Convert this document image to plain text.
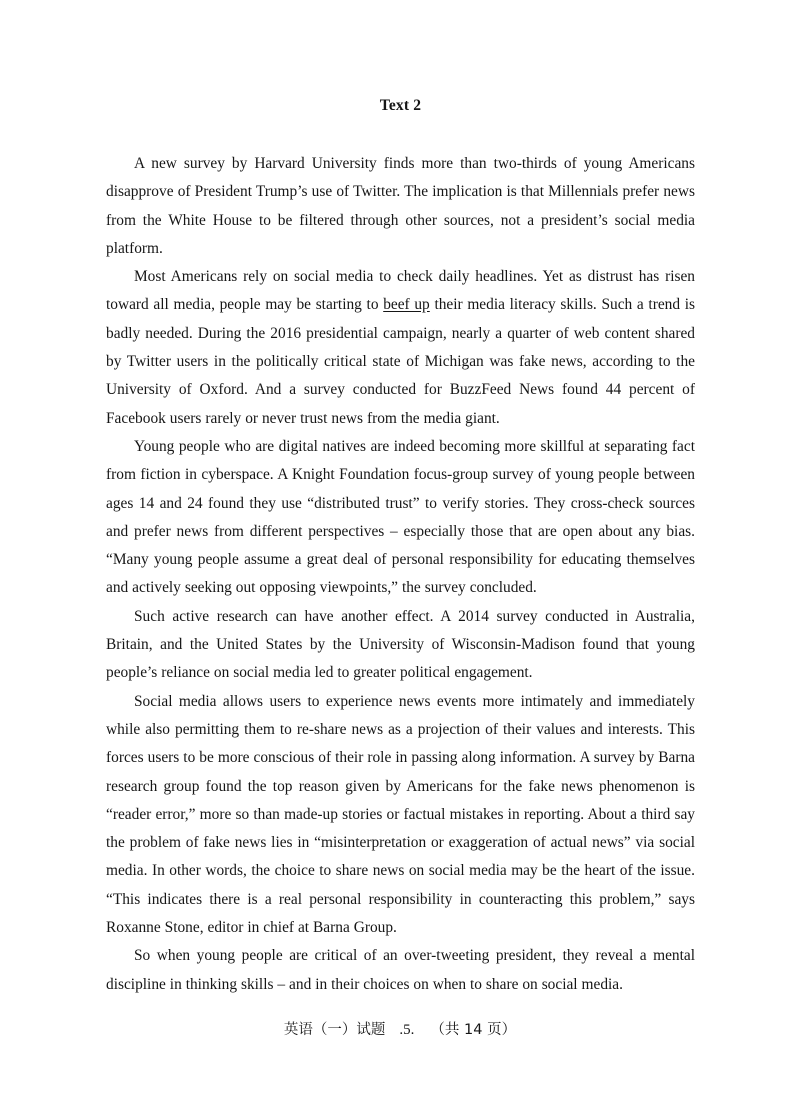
Text 2

A new survey by Harvard University finds more than two-thirds of young Americans disapprove of President Trump’s use of Twitter. The implication is that Millennials prefer news from the White House to be filtered through other sources, not a president’s social media platform.

Most Americans rely on social media to check daily headlines. Yet as distrust has risen toward all media, people may be starting to beef up their media literacy skills. Such a trend is badly needed. During the 2016 presidential campaign, nearly a quarter of web content shared by Twitter users in the politically critical state of Michigan was fake news, according to the University of Oxford. And a survey conducted for BuzzFeed News found 44 percent of Facebook users rarely or never trust news from the media giant.

Young people who are digital natives are indeed becoming more skillful at separating fact from fiction in cyberspace. A Knight Foundation focus-group survey of young people between ages 14 and 24 found they use “distributed trust” to verify stories. They cross-check sources and prefer news from different perspectives – especially those that are open about any bias. “Many young people assume a great deal of personal responsibility for educating themselves and actively seeking out opposing viewpoints,” the survey concluded.

Such active research can have another effect. A 2014 survey conducted in Australia, Britain, and the United States by the University of Wisconsin-Madison found that young people’s reliance on social media led to greater political engagement.

Social media allows users to experience news events more intimately and immediately while also permitting them to re-share news as a projection of their values and interests. This forces users to be more conscious of their role in passing along information. A survey by Barna research group found the top reason given by Americans for the fake news phenomenon is “reader error,” more so than made-up stories or factual mistakes in reporting. About a third say the problem of fake news lies in “misinterpretation or exaggeration of actual news” via social media. In other words, the choice to share news on social media may be the heart of the issue. “This indicates there is a real personal responsibility in counteracting this problem,” says Roxanne Stone, editor in chief at Barna Group.

So when young people are critical of an over-tweeting president, they reveal a mental discipline in thinking skills – and in their choices on when to share on social media.

英语（一）试题 .5. （共 14 页）
